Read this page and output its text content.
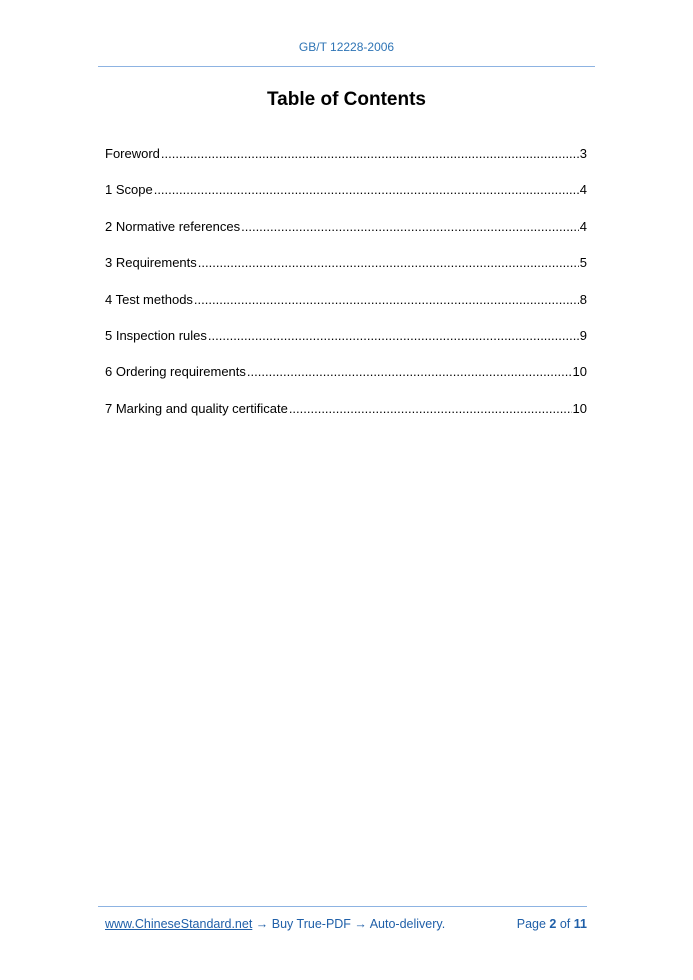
GB/T 12228-2006
Table of Contents
Foreword .....	3
1 Scope .....	4
2 Normative references .....	4
3 Requirements .....	5
4 Test methods .....	8
5 Inspection rules .....	9
6 Ordering requirements .....	10
7 Marking and quality certificate .....	10
www.ChineseStandard.net → Buy True-PDF → Auto-delivery.	Page 2 of 11
